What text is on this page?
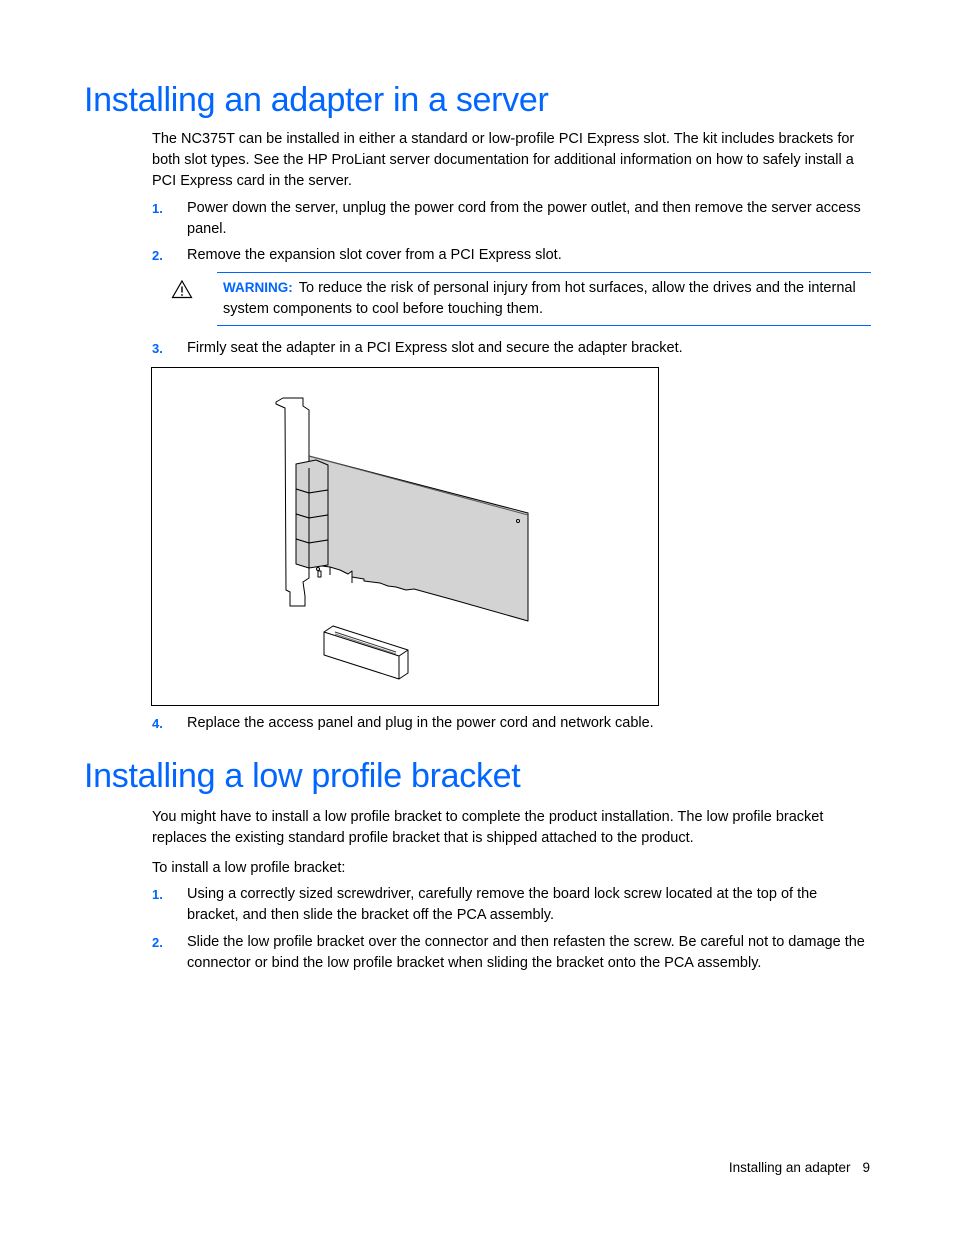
Installing an adapter in a server

The NC375T can be installed in either a standard or low-profile PCI Express slot. The kit includes brackets for both slot types. See the HP ProLiant server documentation for additional information on how to safely install a PCI Express card in the server.

1. Power down the server, unplug the power cord from the power outlet, and then remove the server access panel.
2. Remove the expansion slot cover from a PCI Express slot.
WARNING: To reduce the risk of personal injury from hot surfaces, allow the drives and the internal system components to cool before touching them.
3. Firmly seat the adapter in a PCI Express slot and secure the adapter bracket.
4. Replace the access panel and plug in the power cord and network cable.
Installing a low profile bracket

You might have to install a low profile bracket to complete the product installation. The low profile bracket replaces the existing standard profile bracket that is shipped attached to the product.

To install a low profile bracket:

1. Using a correctly sized screwdriver, carefully remove the board lock screw located at the top of the bracket, and then slide the bracket off the PCA assembly.
2. Slide the low profile bracket over the connector and then refasten the screw. Be careful not to damage the connector or bind the low profile bracket when sliding the bracket onto the PCA assembly.
Installing an adapter 9
